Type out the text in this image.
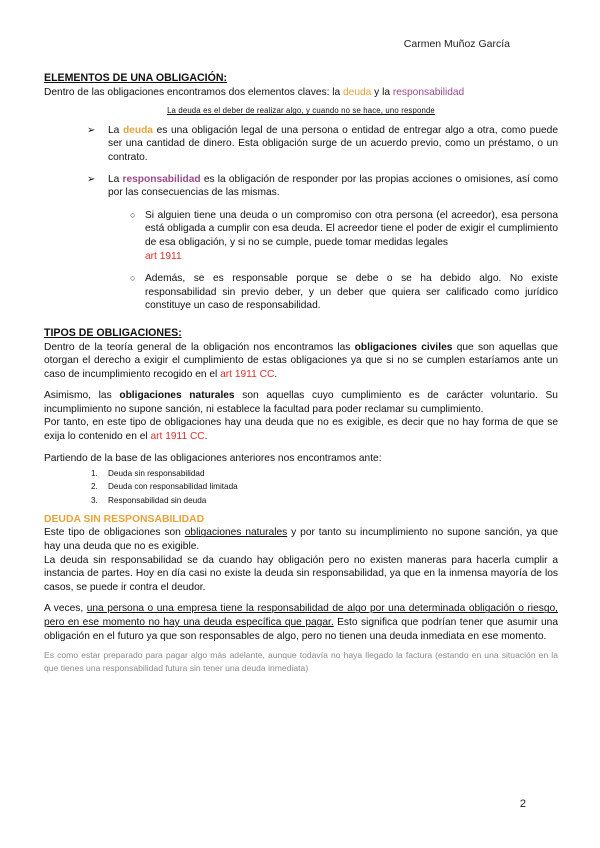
Carmen Muñoz García

ELEMENTOS DE UNA OBLIGACIÓN:

Dentro de las obligaciones encontramos dos elementos claves: la deuda y la responsabilidad

La deuda es el deber de realizar algo, y cuando no se hace, uno responde

➢ La deuda es una obligación legal de una persona o entidad de entregar algo a otra, como puede ser una cantidad de dinero. Esta obligación surge de un acuerdo previo, como un préstamo, o un contrato.
➢ La responsabilidad es la obligación de responder por las propias acciones o omisiones, así como por las consecuencias de las mismas.
○ Si alguien tiene una deuda o un compromiso con otra persona (el acreedor), esa persona está obligada a cumplir con esa deuda. El acreedor tiene el poder de exigir el cumplimiento de esa obligación, y si no se cumple, puede tomar medidas legales
art 1911
○ Además, se es responsable porque se debe o se ha debido algo. No existe responsabilidad sin previo deber, y un deber que quiera ser calificado como jurídico constituye un caso de responsabilidad.

TIPOS DE OBLIGACIONES:

Dentro de la teoría general de la obligación nos encontramos las obligaciones civiles que son aquellas que otorgan el derecho a exigir el cumplimiento de estas obligaciones ya que si no se cumplen estaríamos ante un caso de incumplimiento recogido en el art 1911 CC.

Asimismo, las obligaciones naturales son aquellas cuyo cumplimiento es de carácter voluntario. Su incumplimiento no supone sanción, ni establece la facultad para poder reclamar su cumplimiento.

Por tanto, en este tipo de obligaciones hay una deuda que no es exigible, es decir que no hay forma de que se exija lo contenido en el art 1911 CC.

Partiendo de la base de las obligaciones anteriores nos encontramos ante:

1. Deuda sin responsabilidad
2. Deuda con responsabilidad limitada
3. Responsabilidad sin deuda

DEUDA SIN RESPONSABILIDAD

Este tipo de obligaciones son obligaciones naturales y por tanto su incumplimiento no supone sanción, ya que hay una deuda que no es exigible.

La deuda sin responsabilidad se da cuando hay obligación pero no existen maneras para hacerla cumplir a instancia de partes. Hoy en día casi no existe la deuda sin responsabilidad, ya que en la inmensa mayoría de los casos, se puede ir contra el deudor.

A veces, una persona o una empresa tiene la responsabilidad de algo por una determinada obligación o riesgo, pero en ese momento no hay una deuda específica que pagar. Esto significa que podrían tener que asumir una obligación en el futuro ya que son responsables de algo, pero no tienen una deuda inmediata en ese momento.

Es como estar preparado para pagar algo más adelante, aunque todavía no haya llegado la factura (estando en una situación en la que tienes una responsabilidad futura sin tener una deuda inmediata)

2
